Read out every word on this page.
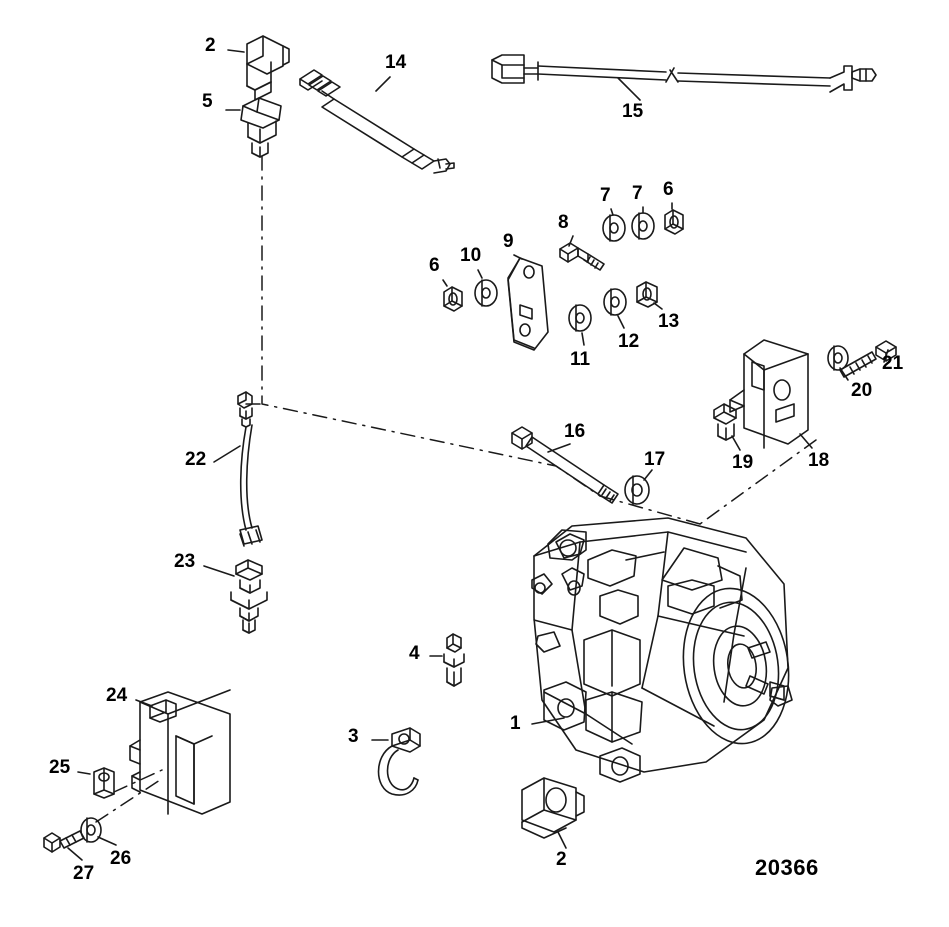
2
5
14
15
7 7 6
8
9
10
6
13
12
11	21
20
18
19
16
17
22
23
4
1
3
24
25
26
27
2	20366
